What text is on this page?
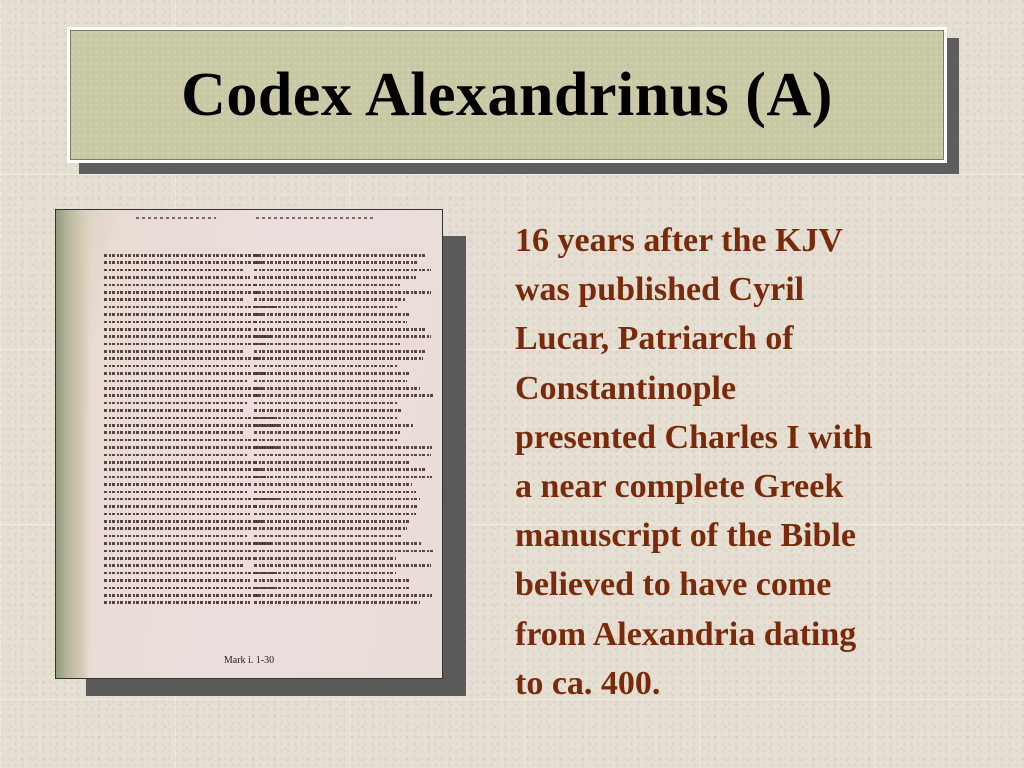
Codex Alexandrinus (A)
Mark i. 1-30

16 years after the KJV
was published Cyril
Lucar, Patriarch of
Constantinople
presented Charles I with
a near complete Greek
manuscript of the Bible
believed to have come
from Alexandria dating
to ca. 400.
